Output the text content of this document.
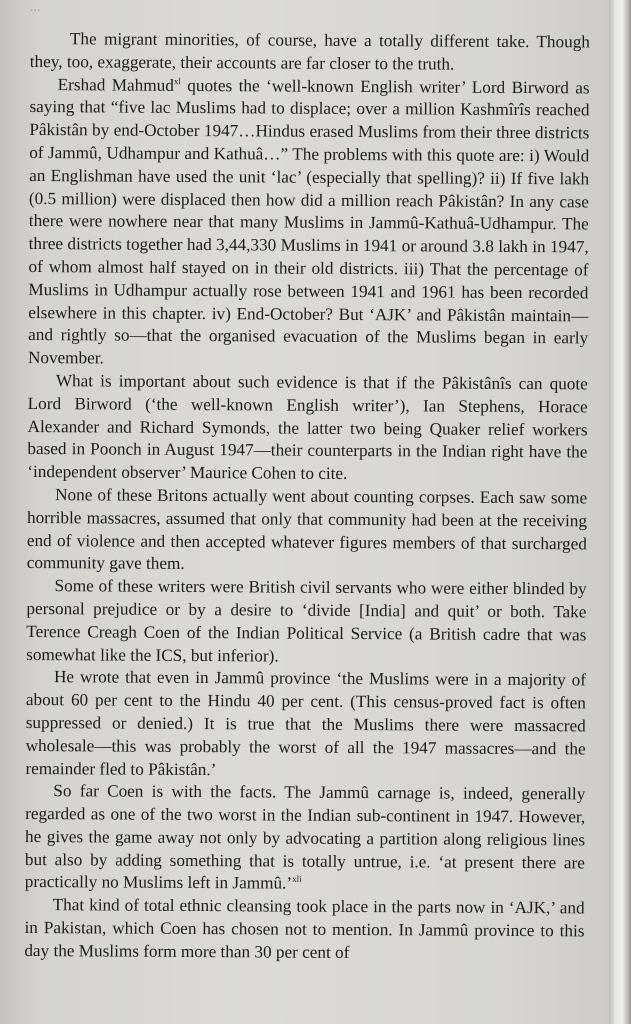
...

The migrant minorities, of course, have a totally different take. Though they, too, exaggerate, their accounts are far closer to the truth.

Ershad Mahmud$^{xl}$ quotes the ‘well-known English writer’ Lord Birword as saying that “five lac Muslims had to displace; over a million Kashmîrîs reached Pâkistân by end-October 1947…Hindus erased Muslims from their three districts of Jammû, Udhampur and Kathuâ…” The problems with this quote are: i) Would an Englishman have used the unit ‘lac’ (especially that spelling)? ii) If five lakh (0.5 million) were displaced then how did a million reach Pâkistân? In any case there were nowhere near that many Muslims in Jammû-Kathuâ-Udhampur. The three districts together had 3,44,330 Muslims in 1941 or around 3.8 lakh in 1947, of whom almost half stayed on in their old districts. iii) That the percentage of Muslims in Udhampur actually rose between 1941 and 1961 has been recorded elsewhere in this chapter. iv) End-October? But ‘AJK’ and Pâkistân maintain—and rightly so—that the organised evacuation of the Muslims began in early November.

What is important about such evidence is that if the Pâkistânîs can quote Lord Birword (‘the well-known English writer’), Ian Stephens, Horace Alexander and Richard Symonds, the latter two being Quaker relief workers based in Poonch in August 1947—their counterparts in the Indian right have the ‘independent observer’ Maurice Cohen to cite.

None of these Britons actually went about counting corpses. Each saw some horrible massacres, assumed that only that community had been at the receiving end of violence and then accepted whatever figures members of that surcharged community gave them.

Some of these writers were British civil servants who were either blinded by personal prejudice or by a desire to ‘divide [India] and quit’ or both. Take Terence Creagh Coen of the Indian Political Service (a British cadre that was somewhat like the ICS, but inferior).

He wrote that even in Jammû province ‘the Muslims were in a majority of about 60 per cent to the Hindu 40 per cent. (This census-proved fact is often suppressed or denied.) It is true that the Muslims there were massacred wholesale—this was probably the worst of all the 1947 massacres—and the remainder fled to Pâkistân.’

So far Coen is with the facts. The Jammû carnage is, indeed, generally regarded as one of the two worst in the Indian sub-continent in 1947. However, he gives the game away not only by advocating a partition along religious lines but also by adding something that is totally untrue, i.e. ‘at present there are practically no Muslims left in Jammû.’$^{xli}$

That kind of total ethnic cleansing took place in the parts now in ‘AJK,’ and in Pakistan, which Coen has chosen not to mention. In Jammû province to this day the Muslims form more than 30 per cent of
